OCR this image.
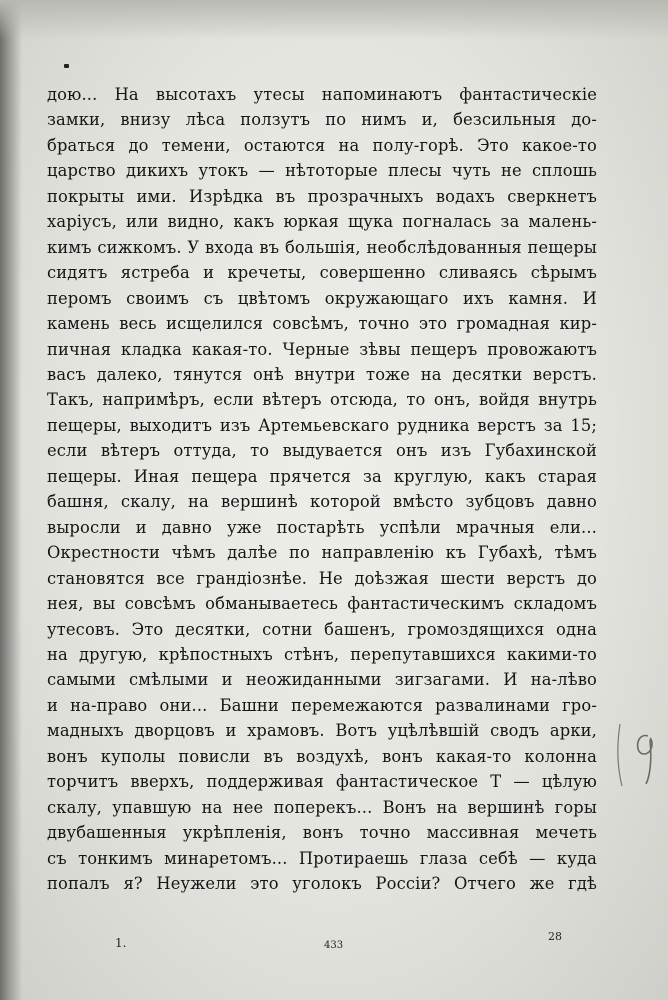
дою... На высотахъ утесы напоминаютъ фантастическіе
замки, внизу лѣса ползутъ по нимъ и, безсильныя до-
браться до темени, остаются на полу-горѣ. Это какое-то
царство дикихъ утокъ — нѣтоторые плесы чуть не сплошь
покрыты ими. Изрѣдка въ прозрачныхъ водахъ сверкнетъ
харіусъ, или видно, какъ юркая щука погналась за малень-
кимъ сижкомъ. У входа въ большія, необслѣдованныя пещеры
сидятъ ястреба и кречеты, совершенно сливаясь сѣрымъ
перомъ своимъ съ цвѣтомъ окружающаго ихъ камня. И
камень весь исщелился совсѣмъ, точно это громадная кир-
пичная кладка какая-то. Черные зѣвы пещеръ провожаютъ
васъ далеко, тянутся онѣ внутри тоже на десятки верстъ.
Такъ, напримѣръ, если вѣтеръ отсюда, то онъ, войдя внутрь
пещеры, выходитъ изъ Артемьевскаго рудника верстъ за 15;
если вѣтеръ оттуда, то выдувается онъ изъ Губахинской
пещеры. Иная пещера прячется за круглую, какъ старая
башня, скалу, на вершинѣ которой вмѣсто зубцовъ давно
выросли и давно уже постарѣть успѣли мрачныя ели...
Окрестности чѣмъ далѣе по направленію къ Губахѣ, тѣмъ
становятся все грандіознѣе. Не доѣзжая шести верстъ до
нея, вы совсѣмъ обманываетесь фантастическимъ складомъ
утесовъ. Это десятки, сотни башенъ, громоздящихся одна
на другую, крѣпостныхъ стѣнъ, перепутавшихся какими-то
самыми смѣлыми и неожиданными зигзагами. И на-лѣво
и на-право они... Башни перемежаются развалинами гро-
мадныхъ дворцовъ и храмовъ. Вотъ уцѣлѣвшій сводъ арки,
вонъ куполы повисли въ воздухѣ, вонъ какая-то колонна
торчитъ вверхъ, поддерживая фантастическое Т — цѣлую
скалу, упавшую на нее поперекъ... Вонъ на вершинѣ горы
двубашенныя укрѣпленія, вонъ точно массивная мечеть
съ тонкимъ минаретомъ... Протираешь глаза себѣ — куда
попалъ я? Неужели это уголокъ Россіи? Отчего же гдѣ
1.	433
28
